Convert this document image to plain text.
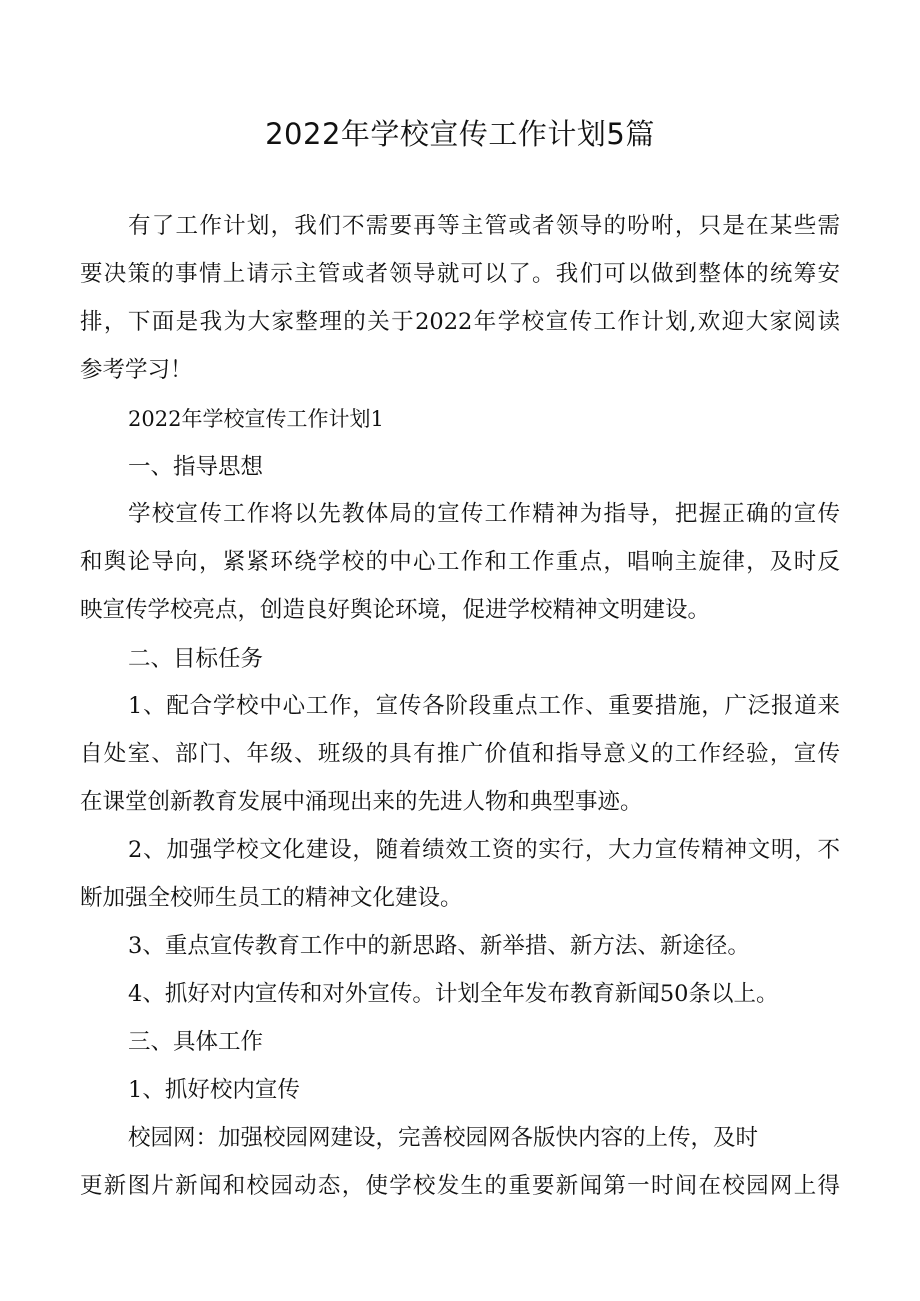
2022年学校宣传工作计划5篇
有了工作计划，我们不需要再等主管或者领导的吩咐，只是在某些需
要决策的事情上请示主管或者领导就可以了。我们可以做到整体的统筹安
排，下面是我为大家整理的关于2022年学校宣传工作计划,欢迎大家阅读
参考学习！
2022年学校宣传工作计划1
一、指导思想
学校宣传工作将以先教体局的宣传工作精神为指导，把握正确的宣传
和舆论导向，紧紧环绕学校的中心工作和工作重点，唱响主旋律，及时反
映宣传学校亮点，创造良好舆论环境，促进学校精神文明建设。
二、目标任务
1、配合学校中心工作，宣传各阶段重点工作、重要措施，广泛报道来
自处室、部门、年级、班级的具有推广价值和指导意义的工作经验，宣传
在课堂创新教育发展中涌现出来的先进人物和典型事迹。
2、加强学校文化建设，随着绩效工资的实行，大力宣传精神文明，不
断加强全校师生员工的精神文化建设。
3、重点宣传教育工作中的新思路、新举措、新方法、新途径。
4、抓好对内宣传和对外宣传。计划全年发布教育新闻50条以上。
三、具体工作
1、抓好校内宣传
校园网：加强校园网建设，完善校园网各版快内容的上传，及时
更新图片新闻和校园动态，使学校发生的重要新闻第一时间在校园网上得
